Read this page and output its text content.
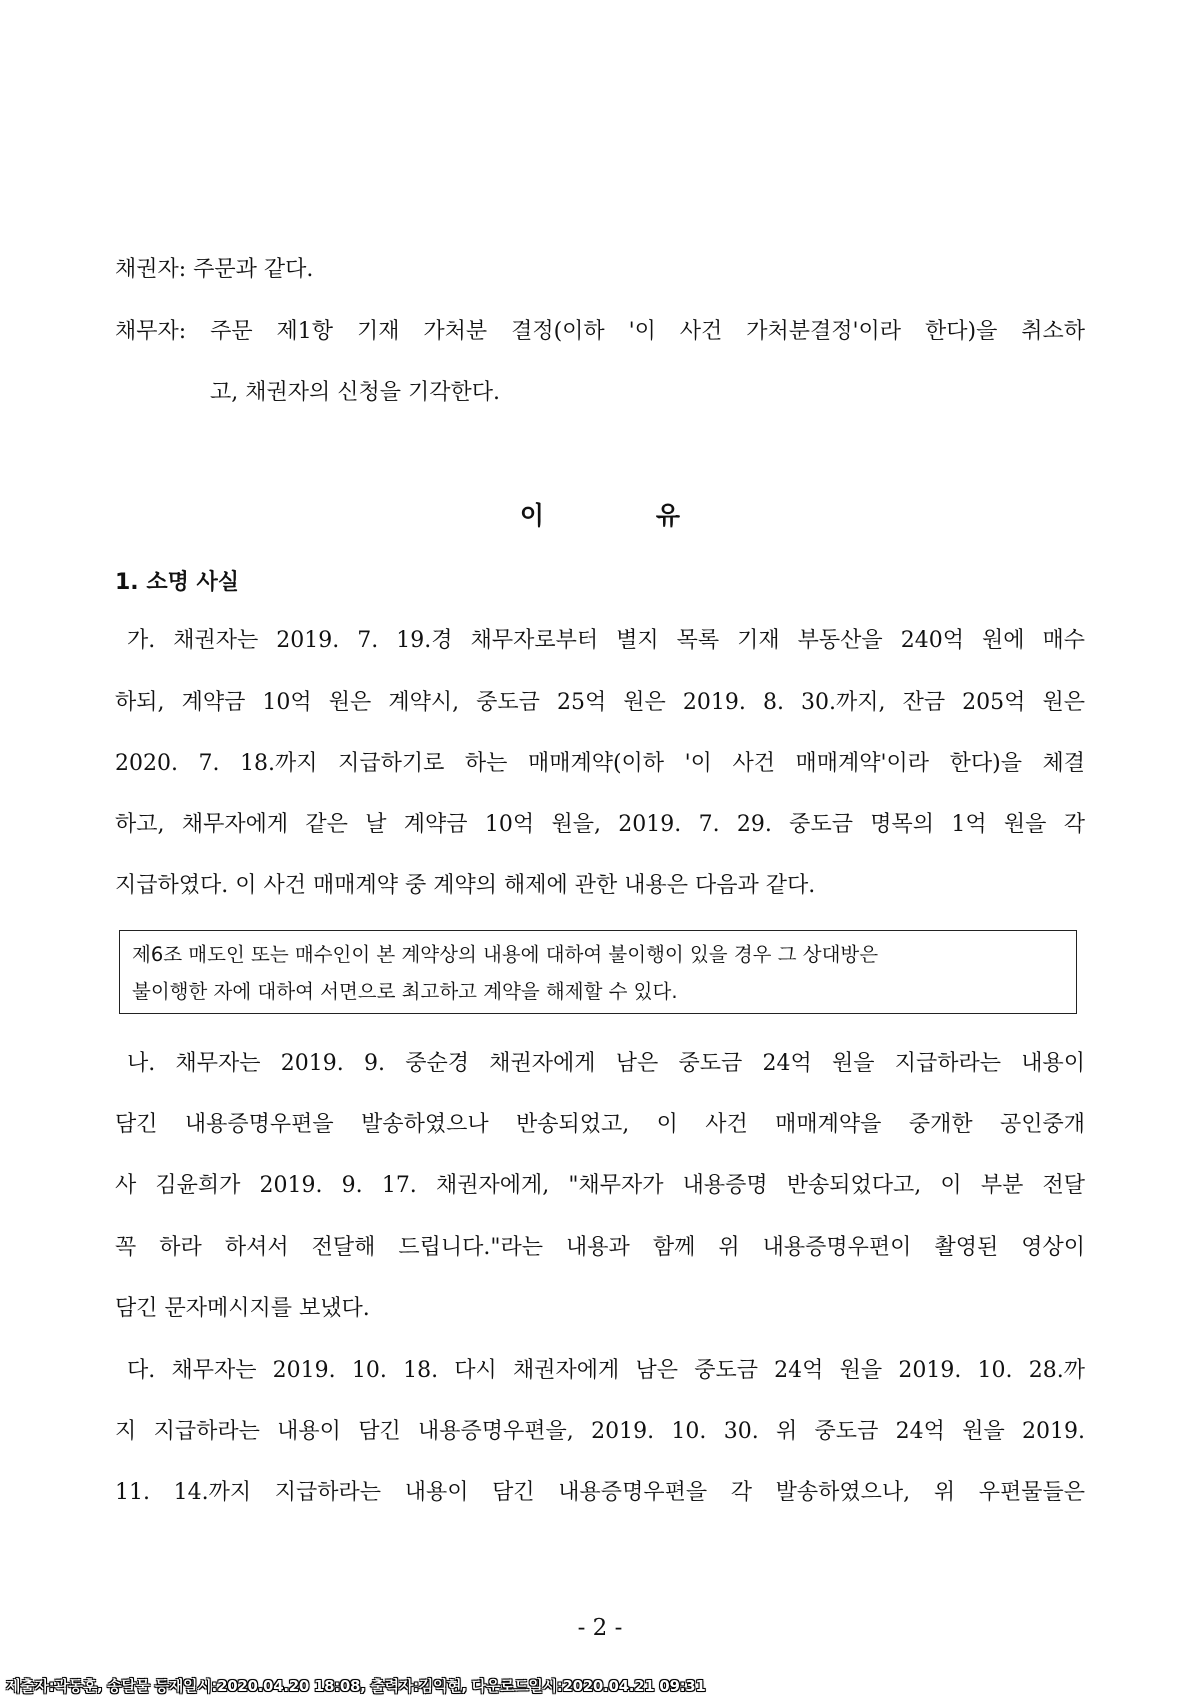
채권자: 주문과 같다.
채무자: 주문 제1항 기재 가처분 결정(이하 '이 사건 가처분결정'이라 한다)을 취소하
고, 채권자의 신청을 기각한다.
이	유
1. 소명 사실
가. 채권자는 2019. 7. 19.경 채무자로부터 별지 목록 기재 부동산을 240억 원에 매수
하되, 계약금 10억 원은 계약시, 중도금 25억 원은 2019. 8. 30.까지, 잔금 205억 원은
2020. 7. 18.까지 지급하기로 하는 매매계약(이하 '이 사건 매매계약'이라 한다)을 체결
하고, 채무자에게 같은 날 계약금 10억 원을, 2019. 7. 29. 중도금 명목의 1억 원을 각
지급하였다. 이 사건 매매계약 중 계약의 해제에 관한 내용은 다음과 같다.
제6조 매도인 또는 매수인이 본 계약상의 내용에 대하여 불이행이 있을 경우 그 상대방은
불이행한 자에 대하여 서면으로 최고하고 계약을 해제할 수 있다.
나. 채무자는 2019. 9. 중순경 채권자에게 남은 중도금 24억 원을 지급하라는 내용이
담긴 내용증명우편을 발송하였으나 반송되었고, 이 사건 매매계약을 중개한 공인중개
사 김윤희가 2019. 9. 17. 채권자에게, "채무자가 내용증명 반송되었다고, 이 부분 전달
꼭 하라 하셔서 전달해 드립니다."라는 내용과 함께 위 내용증명우편이 촬영된 영상이
담긴 문자메시지를 보냈다.
다. 채무자는 2019. 10. 18. 다시 채권자에게 남은 중도금 24억 원을 2019. 10. 28.까
지 지급하라는 내용이 담긴 내용증명우편을, 2019. 10. 30. 위 중도금 24억 원을 2019.
11. 14.까지 지급하라는 내용이 담긴 내용증명우편을 각 발송하였으나, 위 우편물들은
- 2 -
제출자:곽동훈, 송달물 등재일시:2020.04.20 18:08, 출력자:김익현, 다운로드일시:2020.04.21 09:31
